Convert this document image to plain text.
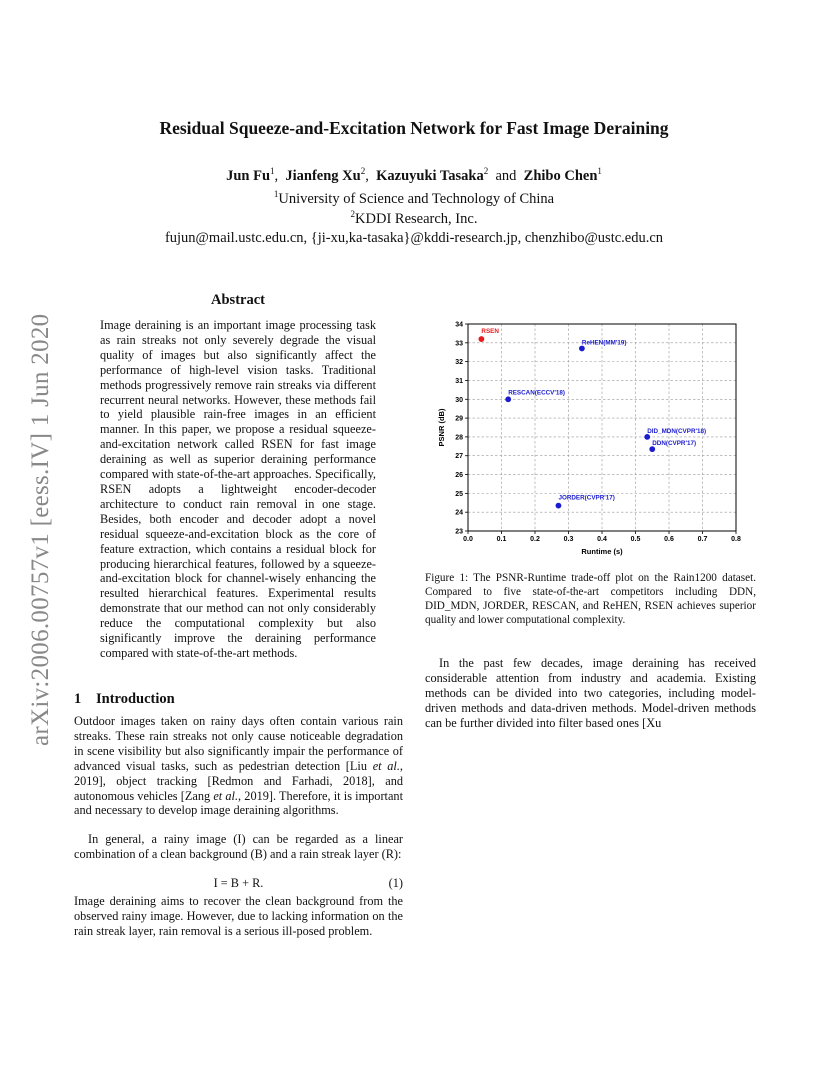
arXiv:2006.00757v1 [eess.IV] 1 Jun 2020
Residual Squeeze-and-Excitation Network for Fast Image Deraining
Jun Fu$^1$, Jianfeng Xu$^2$, Kazuyuki Tasaka$^2$ and Zhibo Chen$^1$
$^1$University of Science and Technology of China
$^2$KDDI Research, Inc.
fujun@mail.ustc.edu.cn, {ji-xu,ka-tasaka}@kddi-research.jp, chenzhibo@ustc.edu.cn
Abstract
Image deraining is an important image processing task as rain streaks not only severely degrade the visual quality of images but also significantly affect the performance of high-level vision tasks. Traditional methods progressively remove rain streaks via different recurrent neural networks. However, these methods fail to yield plausible rain-free images in an efficient manner. In this paper, we propose a residual squeeze-and-excitation network called RSEN for fast image deraining as well as superior deraining performance compared with state-of-the-art approaches. Specifically, RSEN adopts a lightweight encoder-decoder architecture to conduct rain removal in one stage. Besides, both encoder and decoder adopt a novel residual squeeze-and-excitation block as the core of feature extraction, which contains a residual block for producing hierarchical features, followed by a squeeze-and-excitation block for channel-wisely enhancing the resulted hierarchical features. Experimental results demonstrate that our method can not only considerably reduce the computational complexity but also significantly improve the deraining performance compared with state-of-the-art methods.
1 Introduction
Outdoor images taken on rainy days often contain various rain streaks. These rain streaks not only cause noticeable degradation in scene visibility but also significantly impair the performance of advanced visual tasks, such as pedestrian detection [Liu et al., 2019], object tracking [Redmon and Farhadi, 2018], and autonomous vehicles [Zang et al., 2019]. Therefore, it is important and necessary to develop image deraining algorithms.
In general, a rainy image (I) can be regarded as a linear combination of a clean background (B) and a rain streak layer (R):
I = B + R.	(1)
Image deraining aims to recover the clean background from the observed rainy image. However, due to lacking information on the rain streak layer, rain removal is a serious ill-posed problem.
0.0	0.1	0.2	0.3	0.4	0.5	0.6	0.7	0.8
23
24
25
26
27
28
29
30
31
32
33
34
RSEN
ReHEN(MM'19)
RESCAN(ECCV'18)
DID_MDN(CVPR'18)
DDN(CVPR'17)
JORDER(CVPR'17)
Runtime (s)
PSNR (dB)
Figure 1: The PSNR-Runtime trade-off plot on the Rain1200 dataset. Compared to five state-of-the-art competitors including DDN, DID_MDN, JORDER, RESCAN, and ReHEN, RSEN achieves superior quality and lower computational complexity.
In the past few decades, image deraining has received considerable attention from industry and academia. Existing methods can be divided into two categories, including model-driven methods and data-driven methods. Model-driven methods can be further divided into filter based ones [Xu
